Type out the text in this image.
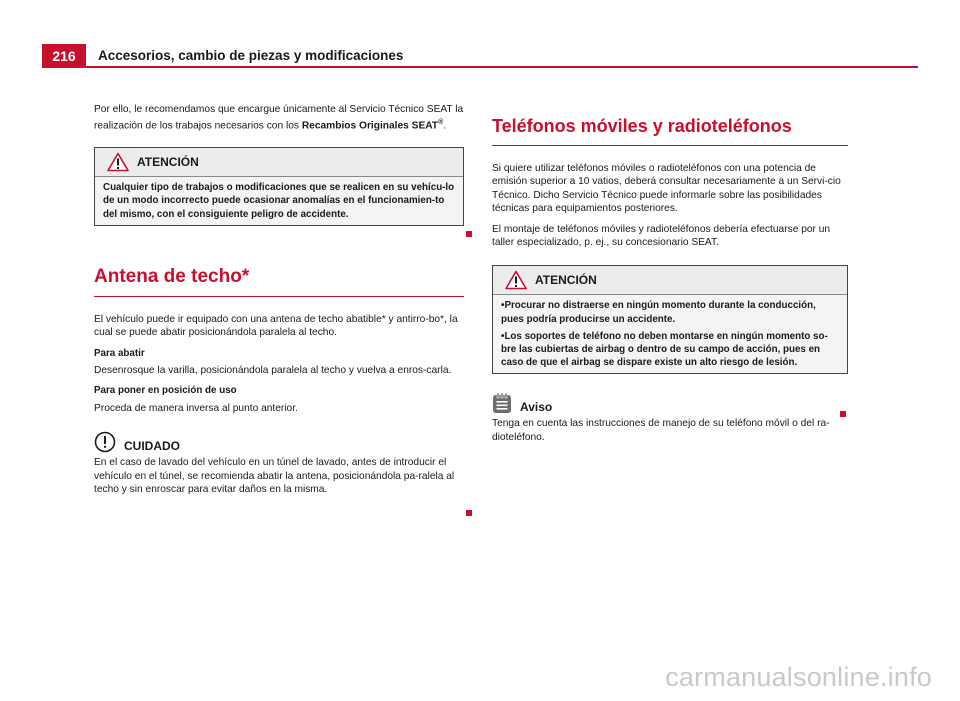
216	Accesorios, cambio de piezas y modificaciones

Por ello, le recomendamos que encargue únicamente al Servicio Técnico SEAT la realización de los trabajos necesarios con los Recambios Originales SEAT®.

ATENCIÓN

Cualquier tipo de trabajos o modificaciones que se realicen en su vehícu-lo de un modo incorrecto puede ocasionar anomalías en el funcionamien-to del mismo, con el consiguiente peligro de accidente.

Antena de techo*

El vehículo puede ir equipado con una antena de techo abatible* y antirro-bo*, la cual se puede abatir posicionándola paralela al techo.

Para abatir

Desenrosque la varilla, posicionándola paralela al techo y vuelva a enros-carla.

Para poner en posición de uso

Proceda de manera inversa al punto anterior.

CUIDADO

En el caso de lavado del vehículo en un túnel de lavado, antes de introducir el vehículo en el túnel, se recomienda abatir la antena, posicionándola pa-ralela al techo y sin enroscar para evitar daños en la misma.

Teléfonos móviles y radioteléfonos

Si quiere utilizar teléfonos móviles o radioteléfonos con una potencia de emisión superior a 10 vatios, deberá consultar necesariamente a un Servi-cio Técnico. Dicho Servicio Técnico puede informarle sobre las posibilidades técnicas para equipamientos posteriores.

El montaje de teléfonos móviles y radioteléfonos debería efectuarse por un taller especializado, p. ej., su concesionario SEAT.

ATENCIÓN

•Procurar no distraerse en ningún momento durante la conducción, pues podría producirse un accidente.

•Los soportes de teléfono no deben montarse en ningún momento so-bre las cubiertas de airbag o dentro de su campo de acción, pues en caso de que el airbag se dispare existe un alto riesgo de lesión.

Aviso

Tenga en cuenta las instrucciones de manejo de su teléfono móvil o del ra-dioteléfono.

carmanualsonline.info
